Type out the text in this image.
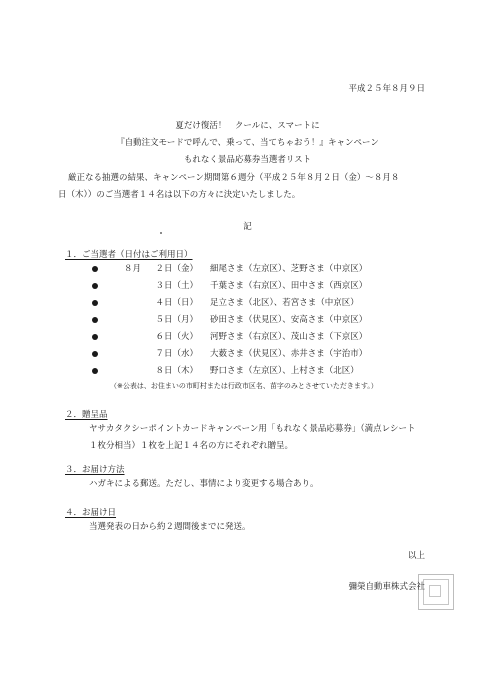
平成２５年８月９日
夏だけ復活！　クールに、スマートに
『自動注文モードで呼んで、乗って、当てちゃおう！』キャンペーン
もれなく景品応募券当選者リスト
厳正なる抽選の結果、キャンペーン期間第６週分（平成２５年８月２日（金）～８月８
日（木））のご当選者１４名は以下の方々に決定いたしました。
記
１．ご当選者（日付はご利用日）
８月	２日（金） 細尾さま（左京区）、芝野さま（中京区）
３日（土） 千葉さま（右京区）、田中さま（西京区）
４日（日） 足立さま（北区）、若宮さま（中京区）
５日（月） 砂田さま（伏見区）、安高さま（中京区）
６日（火） 河野さま（右京区）、茂山さま（下京区）
７日（水） 大薮さま（伏見区）、赤井さま（宇治市）
８日（木） 野口さま（左京区）、上村さま（北区）
（※公表は、お住まいの市町村または行政市区名、苗字のみとさせていただきます。）
２．贈呈品
ヤサカタクシーポイントカードキャンペーン用「もれなく景品応募券」（満点レシート
１枚分相当）１枚を上記１４名の方にそれぞれ贈呈。
３．お届け方法
ハガキによる郵送。ただし、事情により変更する場合あり。
４．お届け日
当選発表の日から約２週間後までに発送。
以上
彌榮自動車株式会社
